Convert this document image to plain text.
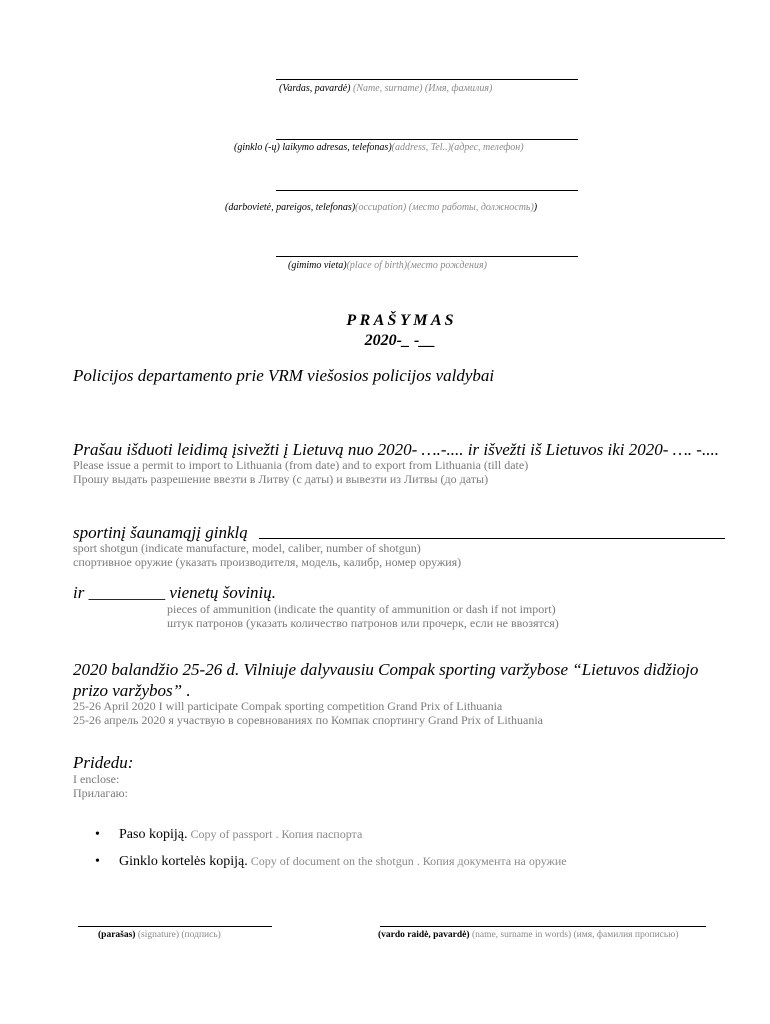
(Vardas, pavardė) (Name, surname) (Имя, фамилия)
(ginklo (-ų) laikymo adresas, telefonas)(address, Tel..)(адрес, телефон)
(darbovietė, pareigos, telefonas)(occupation) (место работы, должность))
(gimimo vieta)(place of birth)(место рождения)
P R A Š Y M A S
2020-_ -__
Policijos departamento prie VRM viešosios policijos valdybai
Prašau išduoti leidimą įsivežti į Lietuvą nuo 2020- ….-.... ir išvežti iš Lietuvos iki 2020- …. -....
Please issue a permit to import to Lithuania (from date) and to export from Lithuania (till date)
Прошу выдать разрешение ввезти в Литву (с даты) и вывезти из Литвы (до даты)
sportinį šaunamąjį ginklą
sport shotgun (indicate manufacture, model, caliber, number of shotgun)
спортивное оружие (указать производителя, модель, калибр, номер оружия)
ir _________ vienetų šovinių.
pieces of ammunition (indicate the quantity of ammunition or dash if not import)
штук патронов (указать количество патронов или прочерк, если не ввозятся)
2020 balandžio 25-26 d. Vilniuje dalyvausiu Compak sporting varžybose “Lietuvos didžiojo
prizo varžybos” .
25-26 April 2020 I will participate Compak sporting competition Grand Prix of Lithuania
25-26 апрель 2020 я участвую в соревнованиях по Компак спортингу Grand Prix of Lithuania
Pridedu:
I enclose:
Прилагаю:
• Paso kopiją. Copy of passport . Копия паспорта
• Ginklo kortelės kopiją. Copy of document on the shotgun . Копия документа на оружие
(parašas) (signature) (подпись)	(vardo raidė, pavardė) (name, surname in words) (имя, фамилия прописью)
